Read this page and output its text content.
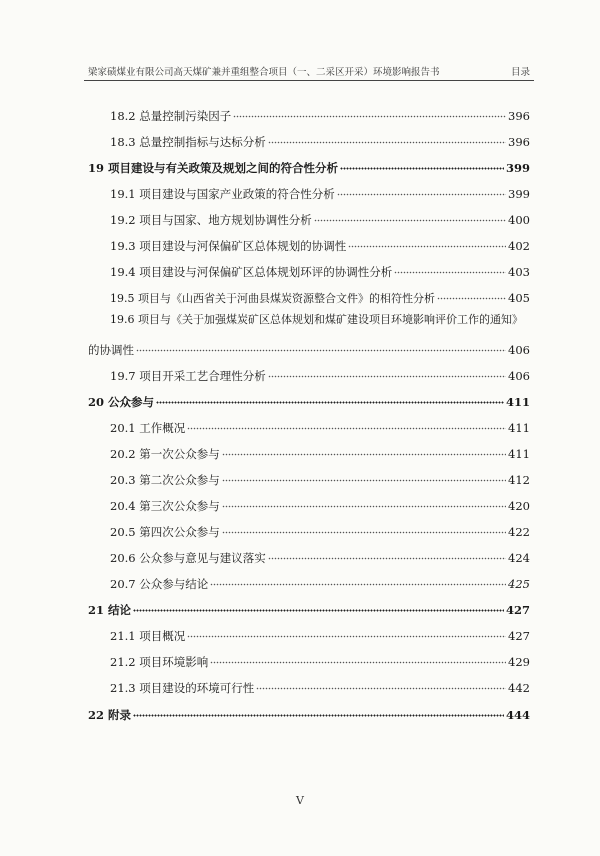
梁家碛煤业有限公司高天煤矿兼并重组整合项目（一、二采区开采）环境影响报告书	目录
18.2 总量控制污染因子	396
18.3 总量控制指标与达标分析	396
19 项目建设与有关政策及规划之间的符合性分析	399
19.1 项目建设与国家产业政策的符合性分析	399
19.2 项目与国家、地方规划协调性分析	400
19.3 项目建设与河保偏矿区总体规划的协调性	402
19.4 项目建设与河保偏矿区总体规划环评的协调性分析	403
19.5 项目与《山西省关于河曲县煤炭资源整合文件》的相符性分析	405
19.6 项目与《关于加强煤炭矿区总体规划和煤矿建设项目环境影响评价工作的通知》
的协调性	406
19.7 项目开采工艺合理性分析	406
20 公众参与	411
20.1 工作概况	411
20.2 第一次公众参与	411
20.3 第二次公众参与	412
20.4 第三次公众参与	420
20.5 第四次公众参与	422
20.6 公众参与意见与建议落实	424
20.7 公众参与结论	425
21 结论	427
21.1 项目概况	427
21.2 项目环境影响	429
21.3 项目建设的环境可行性	442
22 附录	444
V
